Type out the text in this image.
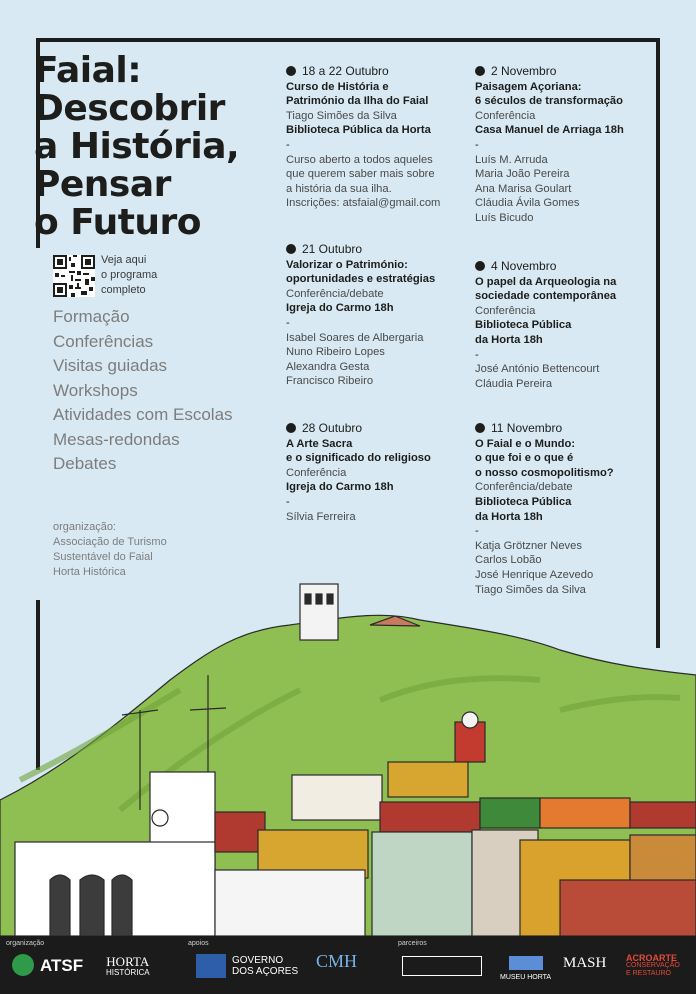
Faial:
Descobrir
a História,
Pensar
o Futuro
Veja aqui
o programa
completo
Formação
Conferências
Visitas guiadas
Workshops
Atividades com Escolas
Mesas-redondas
Debates
organização:
Associação de Turismo
Sustentável do Faial
Horta Histórica
18 a 22 Outubro
Curso de História e
Património da Ilha do Faial
Tiago Simões da Silva
Biblioteca Pública da Horta
-
Curso aberto a todos aqueles
que querem saber mais sobre
a história da sua ilha.
Inscrições: atsfaial@gmail.com
21 Outubro
Valorizar o Património:
oportunidades e estratégias
Conferência/debate
Igreja do Carmo 18h
-
Isabel Soares de Albergaria
Nuno Ribeiro Lopes
Alexandra Gesta
Francisco Ribeiro
28 Outubro
A Arte Sacra
e o significado do religioso
Conferência
Igreja do Carmo 18h
-
Sílvia Ferreira
2 Novembro
Paisagem Açoriana:
6 séculos de transformação
Conferência
Casa Manuel de Arriaga 18h
-
Luís M. Arruda
Maria João Pereira
Ana Marisa Goulart
Cláudia Ávila Gomes
Luís Bicudo
4 Novembro
O papel da Arqueologia na
sociedade contemporânea
Conferência
Biblioteca Pública
da Horta 18h
-
José António Bettencourt
Cláudia Pereira
11 Novembro
O Faial e o Mundo:
o que foi e o que é
o nosso cosmopolitismo?
Conferência/debate
Biblioteca Pública
da Horta 18h
-
Katja Grötzner Neves
Carlos Lobão
José Henrique Azevedo
Tiago Simões da Silva
organização	apoios	parceiros
ATSF HORTA
HISTÓRICA
GOVERNO
DOS AÇORES
CMH
MUSEU HORTA
MASH ACROARTE
CONSERVAÇÃO
E RESTAURO
